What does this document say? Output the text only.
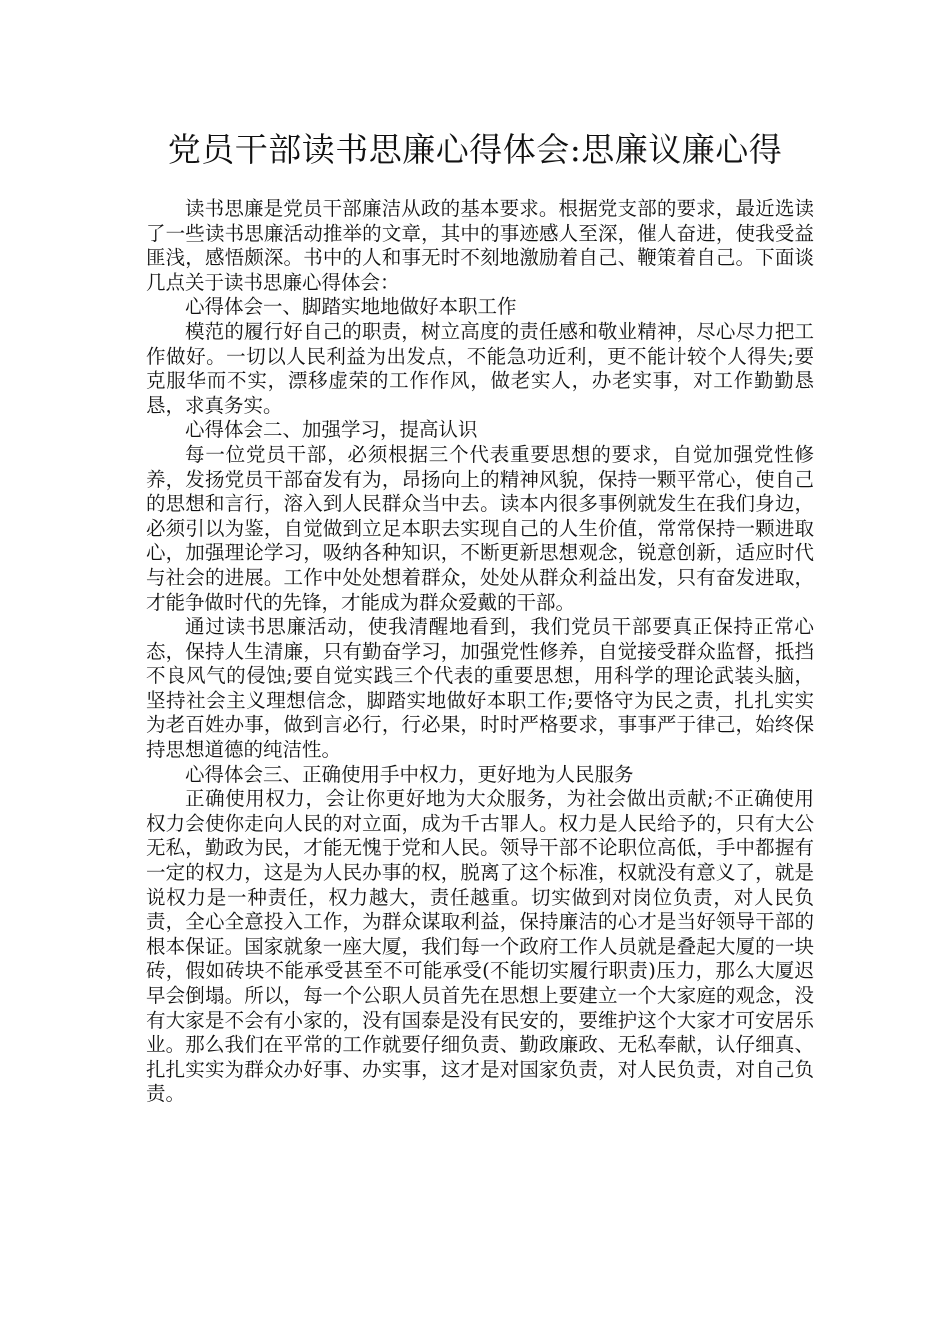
党员干部读书思廉心得体会:思廉议廉心得

读书思廉是党员干部廉洁从政的基本要求。根据党支部的要求，最近选读了一些读书思廉活动推举的文章，其中的事迹感人至深，催人奋进，使我受益匪浅，感悟颇深。书中的人和事无时不刻地激励着自己、鞭策着自己。下面谈几点关于读书思廉心得体会：

心得体会一、脚踏实地地做好本职工作

模范的履行好自己的职责，树立高度的责任感和敬业精神，尽心尽力把工作做好。一切以人民利益为出发点，不能急功近利，更不能计较个人得失;要克服华而不实，漂移虚荣的工作作风，做老实人，办老实事，对工作勤勤恳恳，求真务实。

心得体会二、加强学习，提高认识

每一位党员干部，必须根据三个代表重要思想的要求，自觉加强党性修养，发扬党员干部奋发有为，昂扬向上的精神风貌，保持一颗平常心，使自己的思想和言行，溶入到人民群众当中去。读本内很多事例就发生在我们身边，必须引以为鉴，自觉做到立足本职去实现自己的人生价值，常常保持一颗进取心，加强理论学习，吸纳各种知识，不断更新思想观念，锐意创新，适应时代与社会的进展。工作中处处想着群众，处处从群众利益出发，只有奋发进取，才能争做时代的先锋，才能成为群众爱戴的干部。

通过读书思廉活动，使我清醒地看到，我们党员干部要真正保持正常心态，保持人生清廉，只有勤奋学习，加强党性修养，自觉接受群众监督，抵挡不良风气的侵蚀;要自觉实践三个代表的重要思想，用科学的理论武装头脑，坚持社会主义理想信念，脚踏实地做好本职工作;要恪守为民之责，扎扎实实为老百姓办事，做到言必行，行必果，时时严格要求，事事严于律己，始终保持思想道德的纯洁性。

心得体会三、正确使用手中权力，更好地为人民服务

正确使用权力，会让你更好地为大众服务，为社会做出贡献;不正确使用权力会使你走向人民的对立面，成为千古罪人。权力是人民给予的，只有大公无私，勤政为民，才能无愧于党和人民。领导干部不论职位高低，手中都握有一定的权力，这是为人民办事的权，脱离了这个标准，权就没有意义了，就是说权力是一种责任，权力越大，责任越重。切实做到对岗位负责，对人民负责，全心全意投入工作，为群众谋取利益，保持廉洁的心才是当好领导干部的根本保证。国家就象一座大厦，我们每一个政府工作人员就是叠起大厦的一块砖，假如砖块不能承受甚至不可能承受(不能切实履行职责)压力，那么大厦迟早会倒塌。所以，每一个公职人员首先在思想上要建立一个大家庭的观念，没有大家是不会有小家的，没有国泰是没有民安的，要维护这个大家才可安居乐业。那么我们在平常的工作就要仔细负责、勤政廉政、无私奉献，认仔细真、扎扎实实为群众办好事、办实事，这才是对国家负责，对人民负责，对自己负责。
